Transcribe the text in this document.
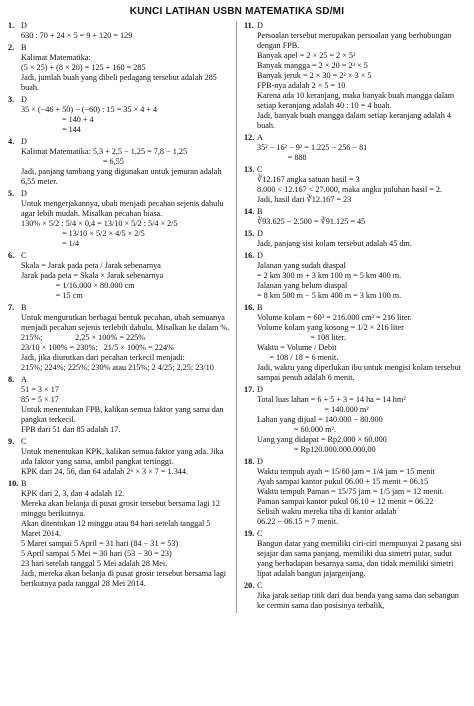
KUNCI LATIHAN USBN MATEMATIKA SD/MI
1. D
630 : 70 + 24 × 5 = 9 + 120 = 129
2. B
Kalimat Matematika:
(5 × 25) + (8 × 20) = 125 + 160 = 285
Jadi, jumlah buah yang dibeli pedagang tersebut adalah 285 buah.
3. D
35 × (−46 + 50) − (−60) : 15 = 35 × 4 + 4
= 140 + 4
= 144
4. D
Kalimat Matematika: 5,3 + 2,5 − 1,25 = 7,8 − 1,25
= 6,55
Jadi, panjang tambang yang digunakan untuk jemuran adalah 6,55 meter.
5. D
Untuk mengerjakannya, ubah menjadi pecahan sejenis dahulu agar lebih mudah. Misalkan pecahan biasa.
130% × 5/2 : 5/4 × 0,4 = 13/10 × 5/2 : 5/4 × 2/5
= 13/10 × 5/2 × 4/5 × 2/5
= 1/4
6. C
Skala = Jarak pada peta / Jarak sebenarnya
Jarak pada peta = Skala × Jarak sebenarnya
= 1/16.000 × 80.000 cm
= 15 cm
7. B
Untuk mengurutkan berbagai bentuk pecahan, ubah semuanya menjadi pecahan sejenis terlebih dahulu. Misalkan ke dalam %.
215%;                2,25 × 100% = 225%
23/10 × 100% = 230%;   21/5 × 100% = 224%
Jadi, jika diurutkan dari pecahan terkecil menjadi:
215%; 224%; 225%; 230% atau 215%; 2 4/25; 2,25; 23/10
8. A
51 = 3 × 17
85 = 5 × 17
Untuk menentukan FPB, kalikan semua faktor yang sama dan pangkat terkecil.
FPB dari 51 dan 85 adalah 17.
9. C
Untuk menentukan KPK, kalikan semua faktor yang ada. Jika ada faktor yang sama, ambil pangkat tertinggi.
KPK dari 24, 56, dan 64 adalah 2⁶ × 3 × 7 = 1.344.
10. B
KPK dari 2, 3, dan 4 adalah 12.
Mereka akan belanja di pusat grosir tersebut bersama lagi 12 minggu berikutnya.
Akan ditentukan 12 minggu atau 84 hari setelah tanggal 5 Maret 2014.
5 Maret sampai 5 April = 31 hari (84 − 31 = 53)
5 April sampai 5 Mei = 30 hari (53 − 30 = 23)
23 hari setelah tanggal 5 Mei adalah 28 Mei.
Jadi, mereka akan belanja di pusat grosir tersebut bersama lagi berikutnya pada tanggal 28 Mei 2014.
11. D
Persoalan tersebut merupakan persoalan yang berhubungan dengan FPB.
Banyak apel = 2 × 25 = 2 × 5²
Banyak mangga = 2 × 20 = 2³ × 5
Banyak jeruk = 2 × 30 = 2² × 3 × 5
FPB-nya adalah 2 × 5 = 10
Karena ada 10 keranjang, maka banyak buah mangga dalam setiap keranjang adalah 40 : 10 = 4 buah.
Jadi, banyak buah mangga dalam setiap keranjang adalah 4 buah.
12. A
35² − 16² − 9² = 1.225 − 256 − 81
= 888
13. C
∛12.167 angka satuan hasil = 3
8.000 < 12.167 < 27.000, maka angka puluhan hasil = 2.
Jadi, hasil dari ∛12.167 = 23
14. B
∛93.625 − 2.500 = ∛91.125 = 45
15. D
Jadi, panjang sisi kolam tersebut adalah 45 dm.
16. D
Jalanan yang sudah diaspal
= 2 km 300 m + 3 km 100 m = 5 km 400 m.
Jalanan yang belum diaspal
= 8 km 500 m − 5 km 400 m = 3 km 100 m.
16. B
Volume kolam = 60³ = 216.000 cm³ = 216 liter.
Volume kolam yang kosong = 1/2 × 216 liter
= 108 liter.
Waktu = Volume / Debit
= 108 / 18 = 6 menit.
Jadi, waktu yang diperlukan ibu untuk mengisi kolam tersebut sampai penuh adalah 6 menit.
17. D
Total luas lahan = 6 + 5 + 3 = 14 ha = 14 hm²
= 140.000 m²
Lahan yang dijual = 140.000 − 80.000
= 60.000 m².
Uang yang didapat = Rp2.000 × 60.000
= Rp120.000.000.000,00
18. D
Waktu tempuh ayah = 15/60 jam = 1/4 jam = 15 menit
Ayah sampai kantor pukul 06.00 + 15 menit = 06.15
Waktu tempuh Paman = 15/75 jam = 1/5 jam = 12 menit.
Paman sampai kantor pukul 06.10 + 12 menit = 06.22
Selisih waktu mereka tiba di kantor adalah
06.22 − 06.15 = 7 menit.
19. C
Bangun datar yang memiliki ciri-ciri mempunyai 2 pasang sisi sejajar dan sama panjang, memiliki dua simetri putar, sudut yang berhadapan besarnya sama, dan tidak memiliki simetri lipat adalah bangun jajargenjang.
20. C
Jika jarak setiap titik dari dua benda yang sama dan sebangun ke cermin sama dan posisinya terbalik,
